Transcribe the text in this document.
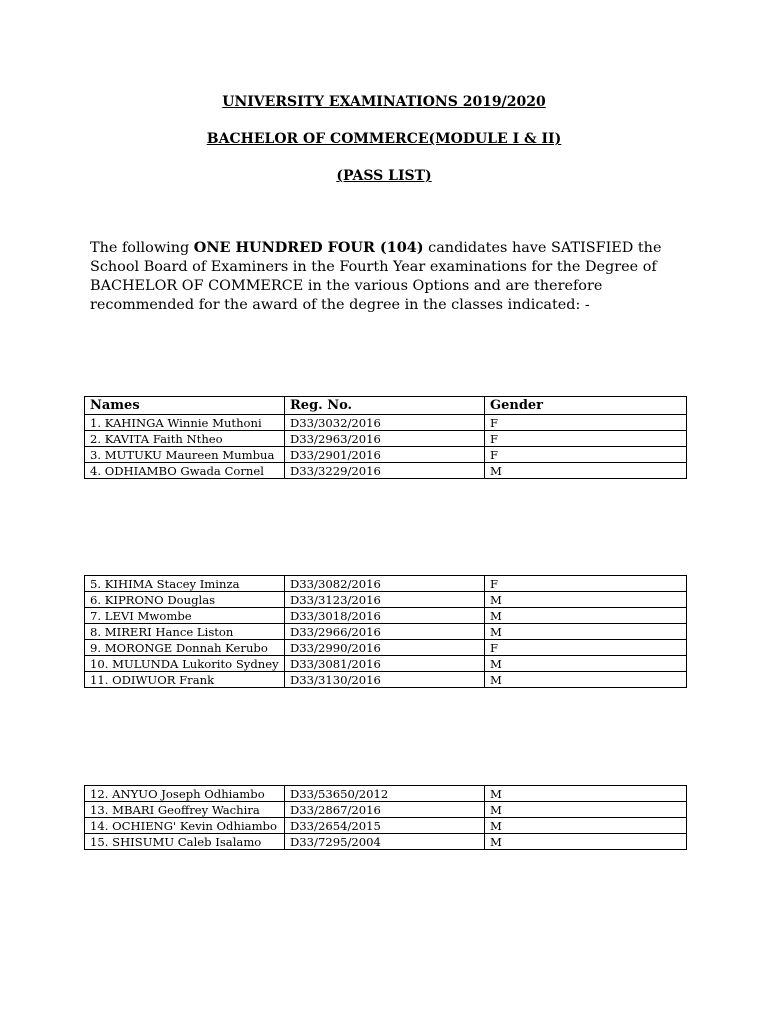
UNIVERSITY EXAMINATIONS 2019/2020
BACHELOR OF COMMERCE(MODULE I & II)
(PASS LIST)

The following ONE HUNDRED FOUR (104) candidates have SATISFIED the School Board of Examiners in the Fourth Year examinations for the Degree of BACHELOR OF COMMERCE in the various Options and are therefore recommended for the award of the degree in the classes indicated: -

Names	Reg. No.	Gender
1. KAHINGA Winnie Muthoni	D33/3032/2016	F
2. KAVITA Faith Ntheo	D33/2963/2016	F
3. MUTUKU Maureen Mumbua	D33/2901/2016	F
4. ODHIAMBO Gwada Cornel	D33/3229/2016	M
5. KIHIMA Stacey Iminza	D33/3082/2016	F
6. KIPRONO Douglas	D33/3123/2016	M
7. LEVI Mwombe	D33/3018/2016	M
8. MIRERI Hance Liston	D33/2966/2016	M
9. MORONGE Donnah Kerubo	D33/2990/2016	F
10. MULUNDA Lukorito Sydney	D33/3081/2016	M
11. ODIWUOR Frank	D33/3130/2016	M
12. ANYUO Joseph Odhiambo	D33/53650/2012	M
13. MBARI Geoffrey Wachira	D33/2867/2016	M
14. OCHIENG' Kevin Odhiambo	D33/2654/2015	M
15. SHISUMU Caleb Isalamo	D33/7295/2004	M
